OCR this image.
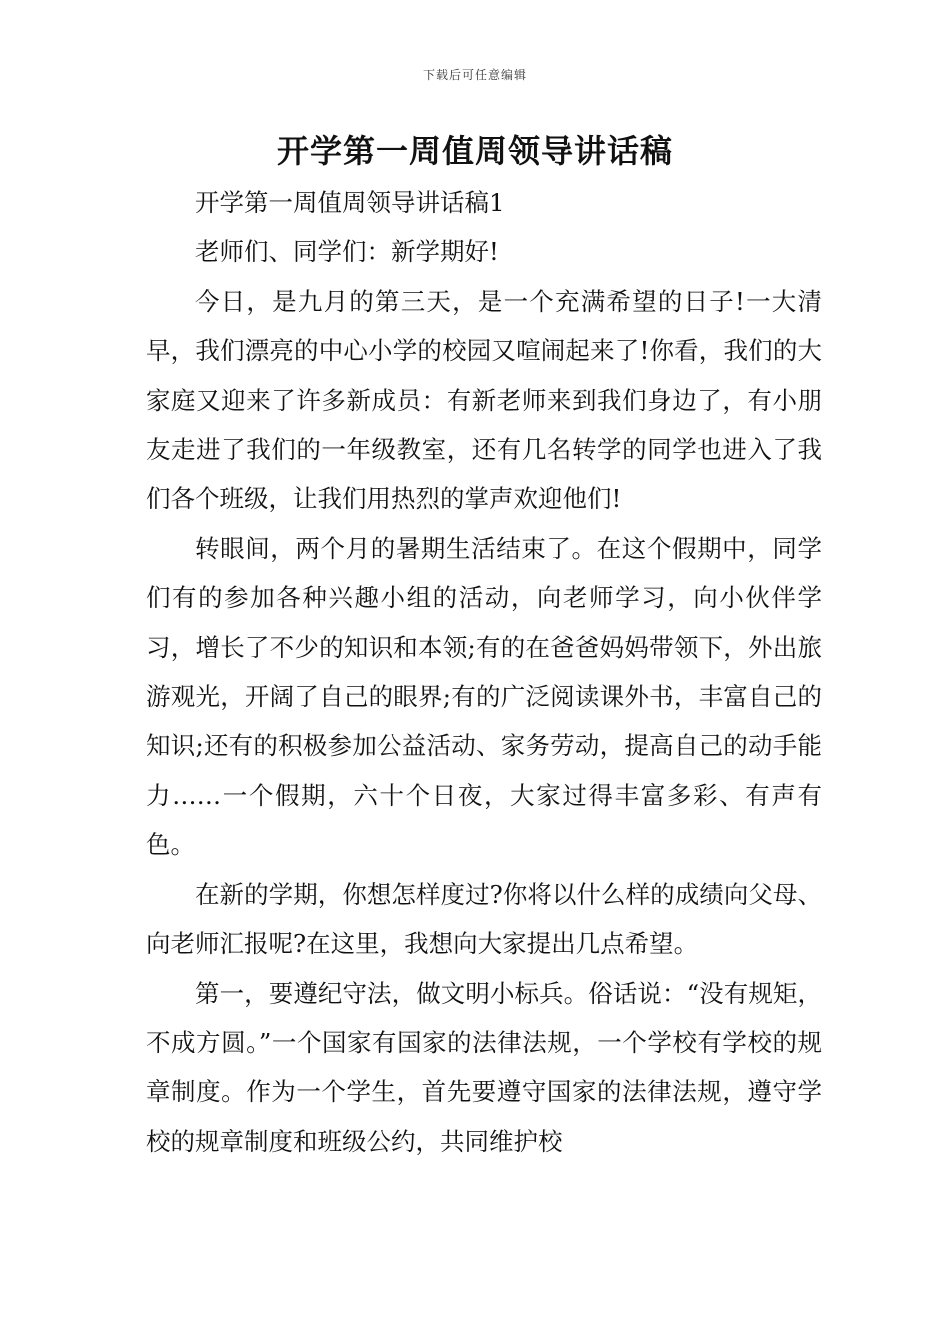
下载后可任意编辑
开学第一周值周领导讲话稿

开学第一周值周领导讲话稿1

老师们、同学们：新学期好!

今日，是九月的第三天，是一个充满希望的日子!一大清早，我们漂亮的中心小学的校园又喧闹起来了!你看，我们的大家庭又迎来了许多新成员：有新老师来到我们身边了，有小朋友走进了我们的一年级教室，还有几名转学的同学也进入了我们各个班级，让我们用热烈的掌声欢迎他们!

转眼间，两个月的暑期生活结束了。在这个假期中，同学们有的参加各种兴趣小组的活动，向老师学习，向小伙伴学习，增长了不少的知识和本领;有的在爸爸妈妈带领下，外出旅游观光，开阔了自己的眼界;有的广泛阅读课外书，丰富自己的知识;还有的积极参加公益活动、家务劳动，提高自己的动手能力……一个假期，六十个日夜，大家过得丰富多彩、有声有色。

在新的学期，你想怎样度过?你将以什么样的成绩向父母、向老师汇报呢?在这里，我想向大家提出几点希望。

第一，要遵纪守法，做文明小标兵。俗话说：“没有规矩，不成方圆。”一个国家有国家的法律法规，一个学校有学校的规章制度。作为一个学生，首先要遵守国家的法律法规，遵守学校的规章制度和班级公约，共同维护校
